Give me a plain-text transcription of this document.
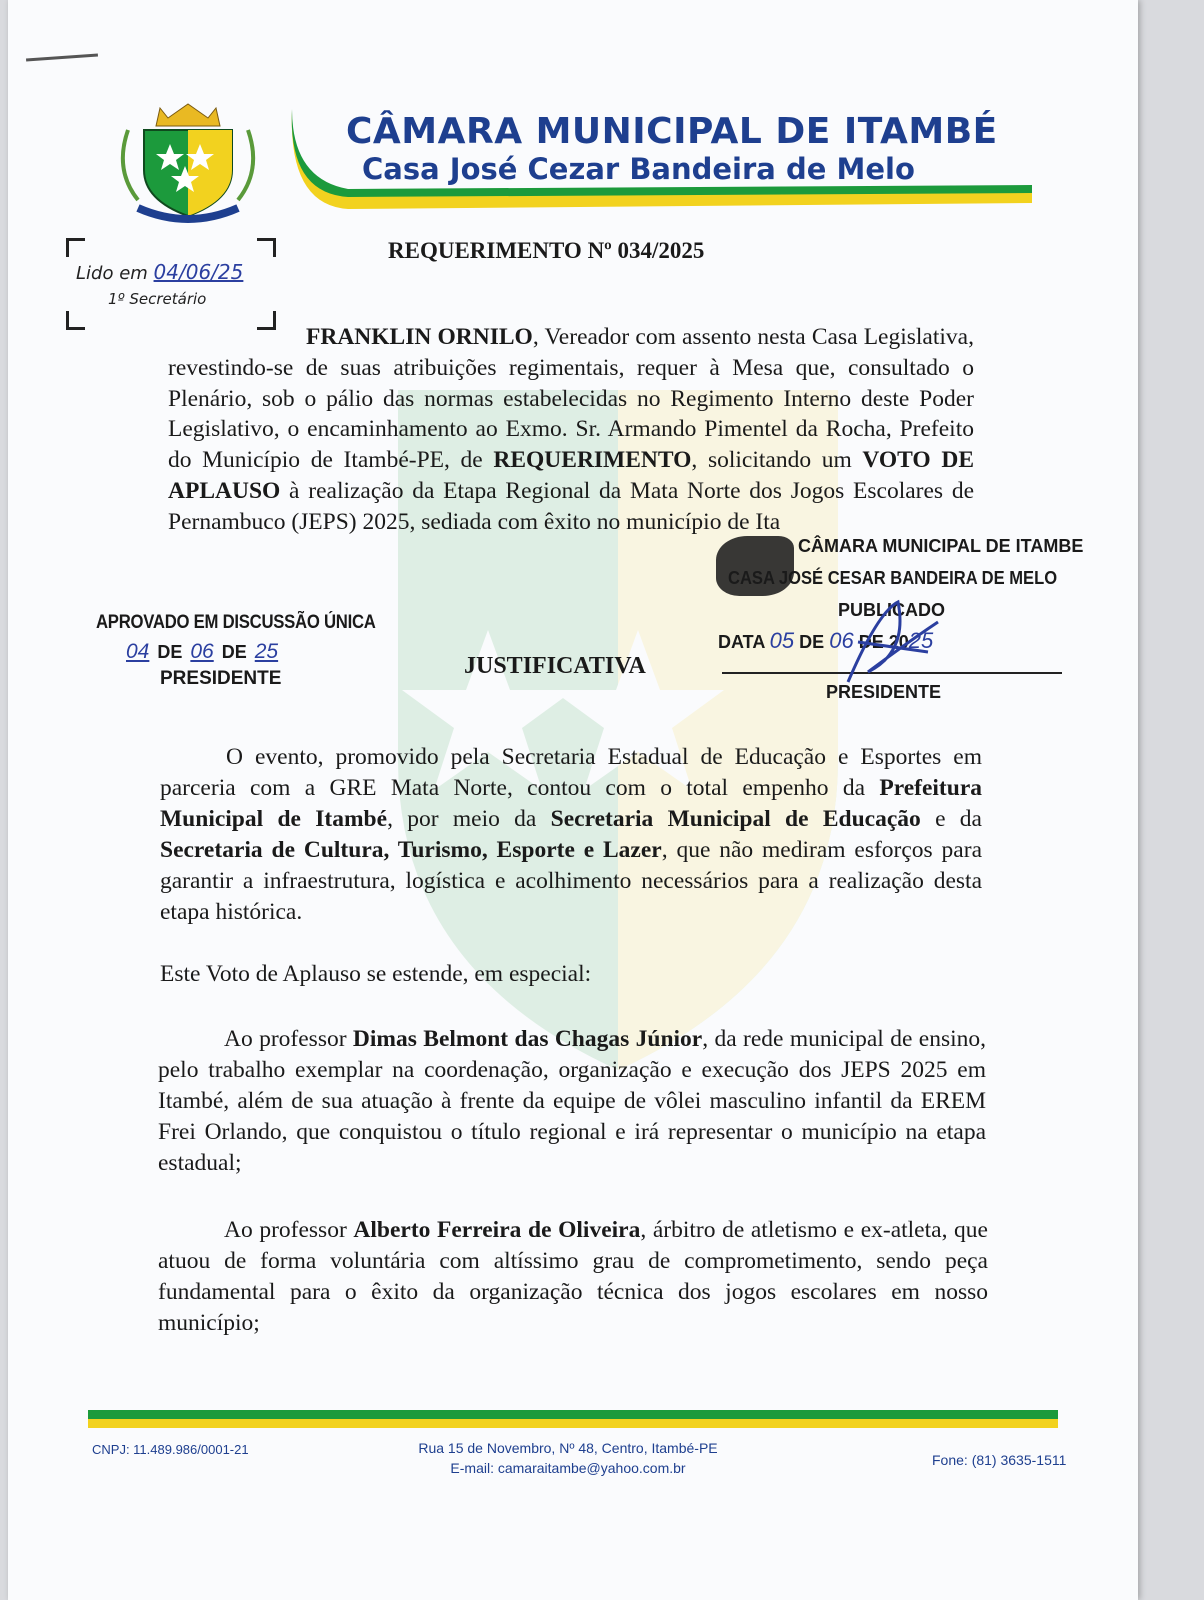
CÂMARA MUNICIPAL DE ITAMBÉ
Casa José Cezar Bandeira de Melo
Lido em 04/06/25
1º Secretário
REQUERIMENTO Nº 034/2025
FRANKLIN ORNILO, Vereador com assento nesta Casa Legislativa, revestindo-se de suas atribuições regimentais, requer à Mesa que, consultado o Plenário, sob o pálio das normas estabelecidas no Regimento Interno deste Poder Legislativo, o encaminhamento ao Exmo. Sr. Armando Pimentel da Rocha, Prefeito do Município de Itambé-PE, de REQUERIMENTO, solicitando um VOTO DE APLAUSO à realização da Etapa Regional da Mata Norte dos Jogos Escolares de Pernambuco (JEPS) 2025, sediada com êxito no município de Ita
APROVADO EM DISCUSSÃO ÚNICA
04 DE 06 DE 25
PRESIDENTE	JUSTIFICATIVA
CÂMARA MUNICIPAL DE ITAMBE
CASA JOSÉ CESAR BANDEIRA DE MELO
PUBLICADO
DATA 05 DE 06 DE 2025
PRESIDENTE
O evento, promovido pela Secretaria Estadual de Educação e Esportes em parceria com a GRE Mata Norte, contou com o total empenho da Prefeitura Municipal de Itambé, por meio da Secretaria Municipal de Educação e da Secretaria de Cultura, Turismo, Esporte e Lazer, que não mediram esforços para garantir a infraestrutura, logística e acolhimento necessários para a realização desta etapa histórica.
Este Voto de Aplauso se estende, em especial:
Ao professor Dimas Belmont das Chagas Júnior, da rede municipal de ensino, pelo trabalho exemplar na coordenação, organização e execução dos JEPS 2025 em Itambé, além de sua atuação à frente da equipe de vôlei masculino infantil da EREM Frei Orlando, que conquistou o título regional e irá representar o município na etapa estadual;
Ao professor Alberto Ferreira de Oliveira, árbitro de atletismo e ex-atleta, que atuou de forma voluntária com altíssimo grau de comprometimento, sendo peça fundamental para o êxito da organização técnica dos jogos escolares em nosso município;
CNPJ: 11.489.986/0001-21	Rua 15 de Novembro, Nº 48, Centro, Itambé-PE
E-mail: camaraitambe@yahoo.com.br	Fone: (81) 3635-1511
